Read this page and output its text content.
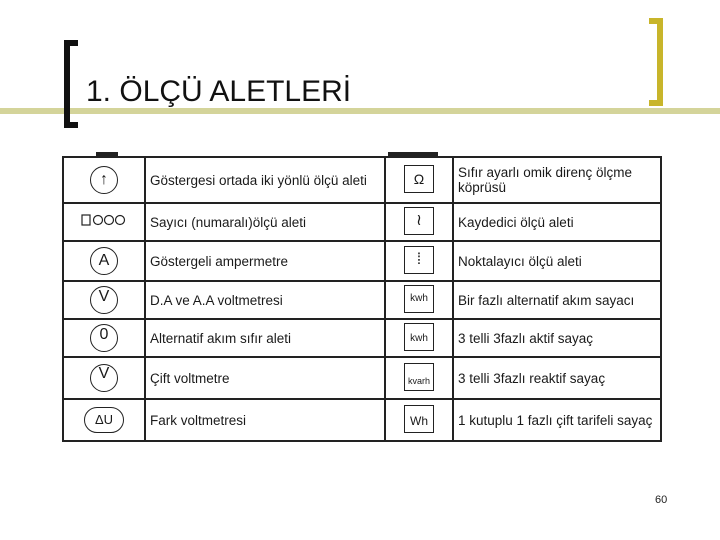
1. ÖLÇÜ ALETLERİ
↑	Göstergesi ortada iki yönlü ölçü aleti	Ω	Sıfır ayarlı omik direnç ölçme köprüsü
	Sayıcı (numaralı)ölçü aleti	≀	Kaydedici ölçü aleti
A	Göstergeli ampermetre	⁞	Noktalayıcı ölçü aleti
V	D.A ve A.A voltmetresi	kwh	Bir fazlı alternatif akım sayacı
0	Alternatif akım sıfır aleti	kwh	3 telli 3fazlı aktif sayaç
V	Çift voltmetre	kvarh	3 telli 3fazlı reaktif sayaç
ΔU	Fark voltmetresi	Wh	1 kutuplu 1 fazlı çift tarifeli sayaç
60
